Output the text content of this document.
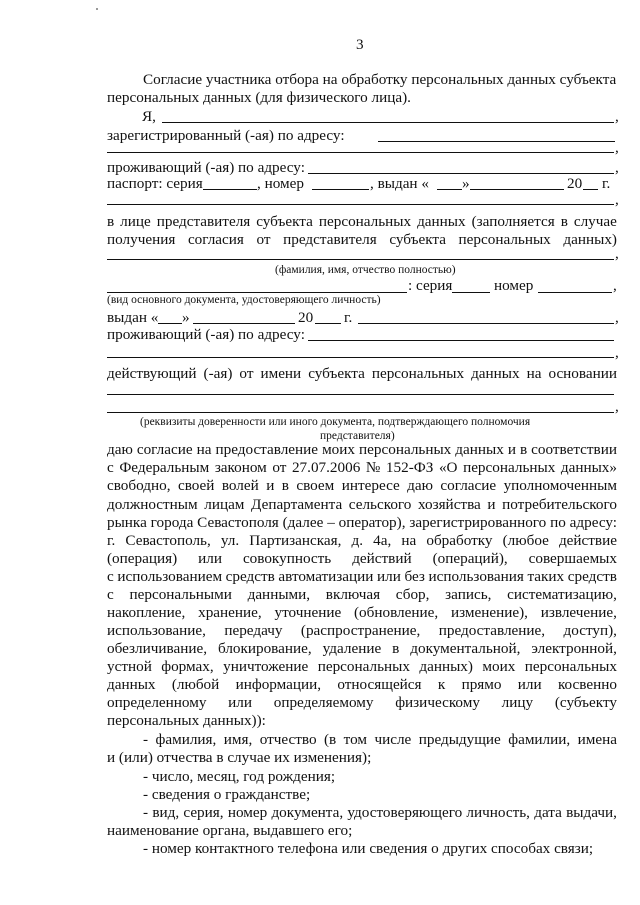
3
Согласие участника отбора на обработку персональных данных субъекта
персональных данных (для физического лица).
Я,	,
зарегистрированный (-ая) по адресу:
,
проживающий (-ая) по адресу:	,
паспорт: серия	, номер	, выдан « »	20 г.
,
в лице представителя субъекта персональных данных (заполняется в случае
получения согласия от представителя субъекта персональных данных)
,
(фамилия, имя, отчество полностью)
: серия	номер	,
(вид основного документа, удостоверяющего личность)
выдан « »	20 г.	,
проживающий (-ая) по адресу:
,
действующий (-ая) от имени субъекта персональных данных на основании
,
(реквизиты доверенности или иного документа, подтверждающего полномочия
представителя)
даю согласие на предоставление моих персональных данных и в соответствии
с Федеральным законом от 27.07.2006 № 152-ФЗ «О персональных данных»
свободно, своей волей и в своем интересе даю согласие уполномоченным
должностным лицам Департамента сельского хозяйства и потребительского
рынка города Севастополя (далее – оператор), зарегистрированного по адресу:
г. Севастополь, ул. Партизанская, д. 4а, на обработку (любое действие
(операция) или совокупность действий (операций), совершаемых
с использованием средств автоматизации или без использования таких средств
с персональными данными, включая сбор, запись, систематизацию,
накопление, хранение, уточнение (обновление, изменение), извлечение,
использование, передачу (распространение, предоставление, доступ),
обезличивание, блокирование, удаление в документальной, электронной,
устной формах, уничтожение персональных данных) моих персональных
данных (любой информации, относящейся к прямо или косвенно
определенному или определяемому физическому лицу (субъекту
персональных данных)):
- фамилия, имя, отчество (в том числе предыдущие фамилии, имена
и (или) отчества в случае их изменения);
- число, месяц, год рождения;
- сведения о гражданстве;
- вид, серия, номер документа, удостоверяющего личность, дата выдачи,
наименование органа, выдавшего его;
- номер контактного телефона или сведения о других способах связи;
